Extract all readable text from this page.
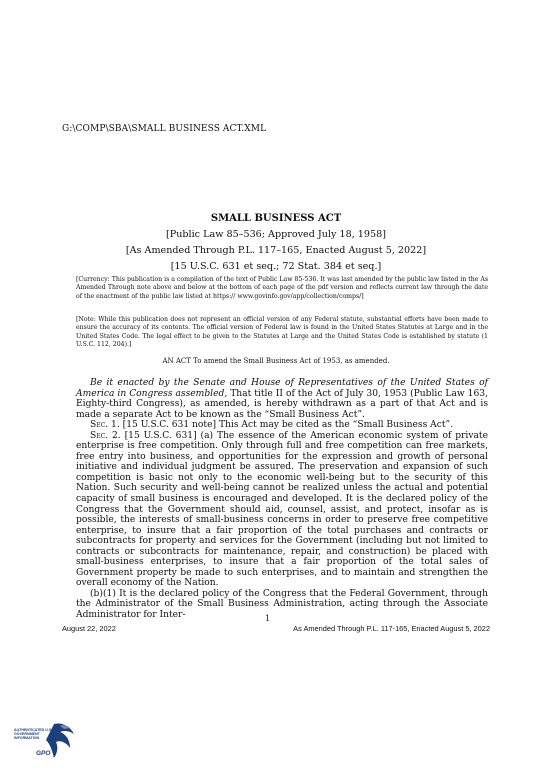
G:\COMP\SBA\SMALL BUSINESS ACT.XML
SMALL BUSINESS ACT
[Public Law 85–536; Approved July 18, 1958]
[As Amended Through P.L. 117–165, Enacted August 5, 2022]
[15 U.S.C. 631 et seq.; 72 Stat. 384 et seq.]
[Currency: This publication is a compilation of the text of Public Law 85-536. It was last amended by the public law listed in the As Amended Through note above and below at the bottom of each page of the pdf version and reflects current law through the date of the enactment of the public law listed at https:// www.govinfo.gov/app/collection/comps/]
[Note: While this publication does not represent an official version of any Federal statute, substantial efforts have been made to ensure the accuracy of its contents. The official version of Federal law is found in the United States Statutes at Large and in the United States Code. The legal effect to be given to the Statutes at Large and the United States Code is established by statute (1 U.S.C. 112, 204).]
AN ACT To amend the Small Business Act of 1953, as amended.

Be it enacted by the Senate and House of Representatives of the United States of America in Congress assembled, That title II of the Act of July 30, 1953 (Public Law 163, Eighty-third Congress), as amended, is hereby withdrawn as a part of that Act and is made a separate Act to be known as the “Small Business Act”.

Sec. 1. [15 U.S.C. 631 note] This Act may be cited as the “Small Business Act”.

Sec. 2. [15 U.S.C. 631] (a) The essence of the American economic system of private enterprise is free competition. Only through full and free competition can free markets, free entry into business, and opportunities for the expression and growth of personal initiative and individual judgment be assured. The preservation and expansion of such competition is basic not only to the economic well-being but to the security of this Nation. Such security and well-being cannot be realized unless the actual and potential capacity of small business is encouraged and developed. It is the declared policy of the Congress that the Government should aid, counsel, assist, and protect, insofar as is possible, the interests of small-business concerns in order to preserve free competitive enterprise, to insure that a fair proportion of the total purchases and contracts or subcontracts for property and services for the Government (including but not limited to contracts or subcontracts for maintenance, repair, and construction) be placed with small-business enterprises, to insure that a fair proportion of the total sales of Government property be made to such enterprises, and to maintain and strengthen the overall economy of the Nation.

(b)(1) It is the declared policy of the Congress that the Federal Government, through the Administrator of the Small Business Administration, acting through the Associate Administrator for Inter-	1
August 22, 2022	As Amended Through P.L. 117-165, Enacted August 5, 2022
AUTHENTICATED U.S. GOVERNMENT INFORMATION
GPO
